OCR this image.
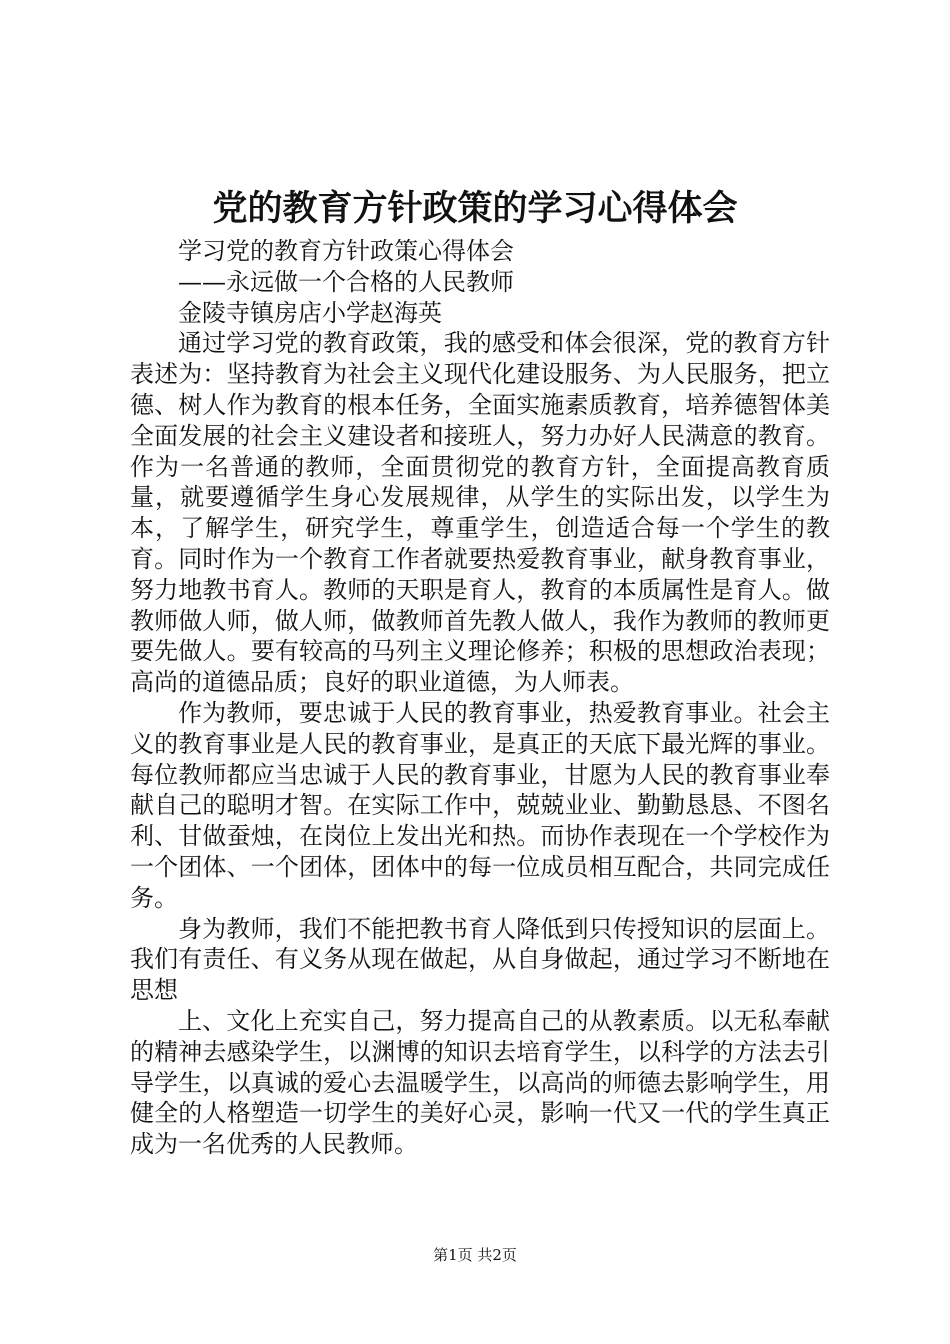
党的教育方针政策的学习心得体会

学习党的教育方针政策心得体会

——永远做一个合格的人民教师

金陵寺镇房店小学赵海英

通过学习党的教育政策，我的感受和体会很深，党的教育方针表述为：坚持教育为社会主义现代化建设服务、为人民服务，把立德、树人作为教育的根本任务，全面实施素质教育，培养德智体美全面发展的社会主义建设者和接班人，努力办好人民满意的教育。作为一名普通的教师，全面贯彻党的教育方针，全面提高教育质量，就要遵循学生身心发展规律，从学生的实际出发，以学生为本，了解学生，研究学生，尊重学生，创造适合每一个学生的教育。同时作为一个教育工作者就要热爱教育事业，献身教育事业，努力地教书育人。教师的天职是育人，教育的本质属性是育人。做教师做人师，做人师，做教师首先教人做人，我作为教师的教师更要先做人。要有较高的马列主义理论修养；积极的思想政治表现；高尚的道德品质；良好的职业道德，为人师表。

作为教师，要忠诚于人民的教育事业，热爱教育事业。社会主义的教育事业是人民的教育事业，是真正的天底下最光辉的事业。每位教师都应当忠诚于人民的教育事业，甘愿为人民的教育事业奉献自己的聪明才智。在实际工作中，兢兢业业、勤勤恳恳、不图名利、甘做蚕烛，在岗位上发出光和热。而协作表现在一个学校作为一个团体、一个团体，团体中的每一位成员相互配合，共同完成任务。

身为教师，我们不能把教书育人降低到只传授知识的层面上。我们有责任、有义务从现在做起，从自身做起，通过学习不断地在思想

上、文化上充实自己，努力提高自己的从教素质。以无私奉献的精神去感染学生，以渊博的知识去培育学生，以科学的方法去引导学生，以真诚的爱心去温暖学生，以高尚的师德去影响学生，用健全的人格塑造一切学生的美好心灵，影响一代又一代的学生真正成为一名优秀的人民教师。

第1页 共2页
